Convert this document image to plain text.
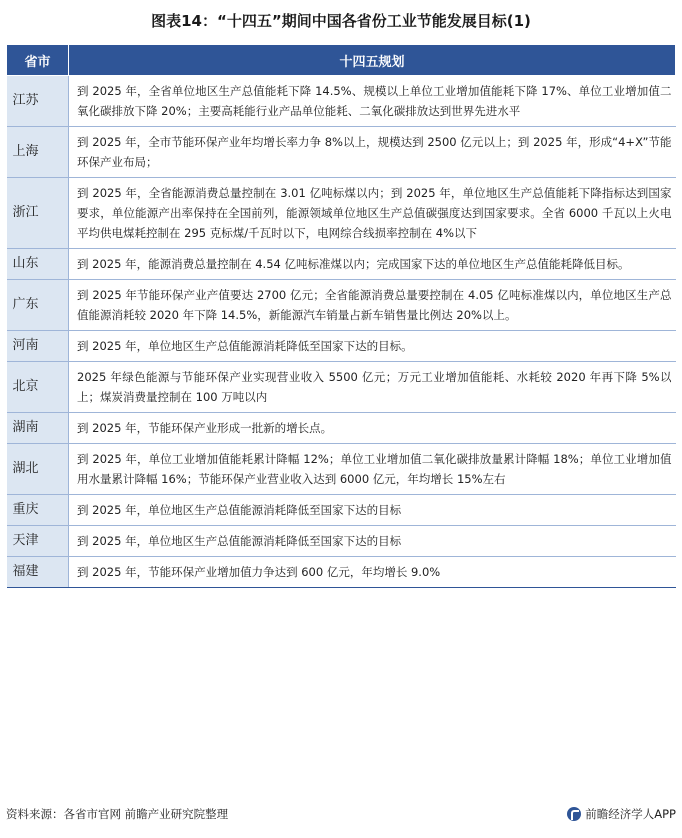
图表14：“十四五”期间中国各省份工业节能发展目标(1)
省市	十四五规划
江苏	到 2025 年，全省单位地区生产总值能耗下降 14.5%、规模以上单位工业增加值能耗下降 17%、单位工业增加值二氧化碳排放下降 20%；主要高耗能行业产品单位能耗、二氧化碳排放达到世界先进水平
上海	到 2025 年，全市节能环保产业年均增长率力争 8%以上，规模达到 2500 亿元以上；到 2025 年，形成“4+X”节能环保产业布局；
浙江	到 2025 年，全省能源消费总量控制在 3.01 亿吨标煤以内；到 2025 年，单位地区生产总值能耗下降指标达到国家要求，单位能源产出率保持在全国前列，能源领域单位地区生产总值碳强度达到国家要求。全省 6000 千瓦以上火电平均供电煤耗控制在 295 克标煤/千瓦时以下，电网综合线损率控制在 4%以下
山东	到 2025 年，能源消费总量控制在 4.54 亿吨标准煤以内；完成国家下达的单位地区生产总值能耗降低目标。
广东	到 2025 年节能环保产业产值要达 2700 亿元；全省能源消费总量要控制在 4.05 亿吨标准煤以内，单位地区生产总值能源消耗较 2020 年下降 14.5%，新能源汽车销量占新车销售量比例达 20%以上。
河南	到 2025 年，单位地区生产总值能源消耗降低至国家下达的目标。
北京	2025 年绿色能源与节能环保产业实现营业收入 5500 亿元；万元工业增加值能耗、水耗较 2020 年再下降 5%以上；煤炭消费量控制在 100 万吨以内
湖南	到 2025 年，节能环保产业形成一批新的增长点。
湖北	到 2025 年，单位工业增加值能耗累计降幅 12%；单位工业增加值二氧化碳排放量累计降幅 18%；单位工业增加值用水量累计降幅 16%；节能环保产业营业收入达到 6000 亿元，年均增长 15%左右
重庆	到 2025 年，单位地区生产总值能源消耗降低至国家下达的目标
天津	到 2025 年，单位地区生产总值能源消耗降低至国家下达的目标
福建	到 2025 年，节能环保产业增加值力争达到 600 亿元，年均增长 9.0%
资料来源：各省市官网 前瞻产业研究院整理	前瞻经济学人APP
